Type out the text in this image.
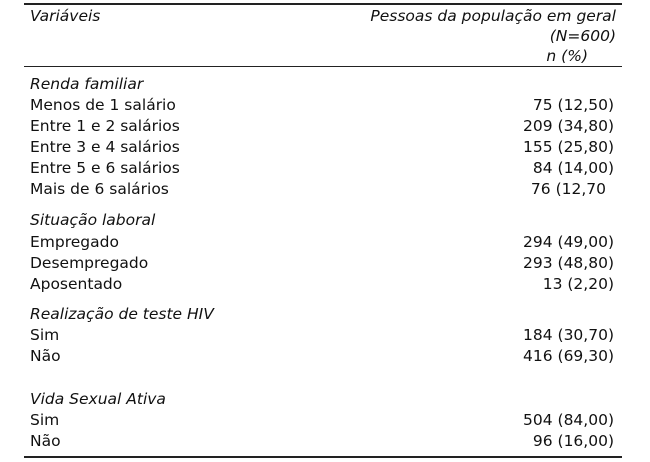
Variáveis	Pessoas da população em geral
(N=600)
n (%)
Renda familiar
Menos de 1 salário	75 (12,50)
Entre 1 e 2 salários	209 (34,80)
Entre 3 e 4 salários	155 (25,80)
Entre 5 e 6 salários	84 (14,00)
Mais de 6 salários	76 (12,70
Situação laboral
Empregado	294 (49,00)
Desempregado	293 (48,80)
Aposentado	13 (2,20)
Realização de teste HIV
Sim	184 (30,70)
Não	416 (69,30)
Vida Sexual Ativa
Sim	504 (84,00)
Não	96 (16,00)
